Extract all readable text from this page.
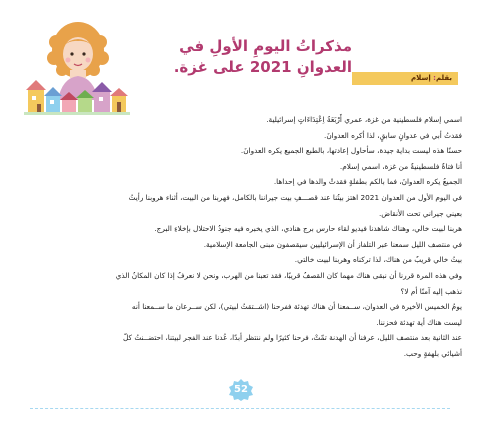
مذكراتُ اليومِ الأولِ في
العدوانِ 2021 على غزة.
بقلم: إسلام

اسمي إسلام فلسطينية من غزة، عمري أَرْبَعَةُ اِعْتِدَاءَاتٍ إسرائيلية.

فقدتُ أبي في عدوانٍ سابقٍ، لذا أكره العدوانَ.

حسنًا هذه ليست بداية جيدة، سأحاول إعادتها، بالطبع الجميع يكره العدوانَ.

أنا فتاةٌ فلسطينيةٌ من غزة، اسمي إسلام.

الجميعُ يكره العدوانَ، فما بالكم بطفلةٍ فقدتْ والدها في إحداها.

في اليوم الأول من العدوان 2021 اهتز بيتُنا عند قصـــفِ بيت جيراننا بالكامل، فهربنا من البيت، أثناء هروبنا رأيتُ

بعيني جيراني تحت الأنقاض.

هربنا لبيت خالي، وهناك شاهدنا فيديو لقاء حارس برج هنادي، الذي يخبره فيه جنودُ الاحتلال بإخلاءِ البرج.

في منتصف الليل سمعنا عبر التلفاز أن الإسرائيليين سيقصفون مبنى الجامعة الإسلامية.

بيتُ خالي قريبٌ من هناك، لذا تركناه وهربنا لبيت خالتي.

وفي هذه المرة قررنا أن نبقى هناك مهما كان القصفُ قريبًا، فقد تعبنا من الهرب، ونحن لا نعرفُ إذا كان المكانُ الذي

نذهب إليه آمنًا أم لا؟

يومُ الخميس الأخيرة في العدوان، ســمعنا أن هناك تهدئة ففرحنا (اشــتقتُ لبيتي)، لكن ســرعان ما ســمعنا أنه

ليست هناك أية تهدئة فحزننا.

عند الثانية بعد منتصف الليل، عرفنا أن الهدنة تمّتْ، فرحنا كثيرًا ولم ننتظر أبدًا، عُدنا عند الفجر لبيتنا، احتضــنتُ كلّ

أشيائي بلهفةٍ وحب.

52
